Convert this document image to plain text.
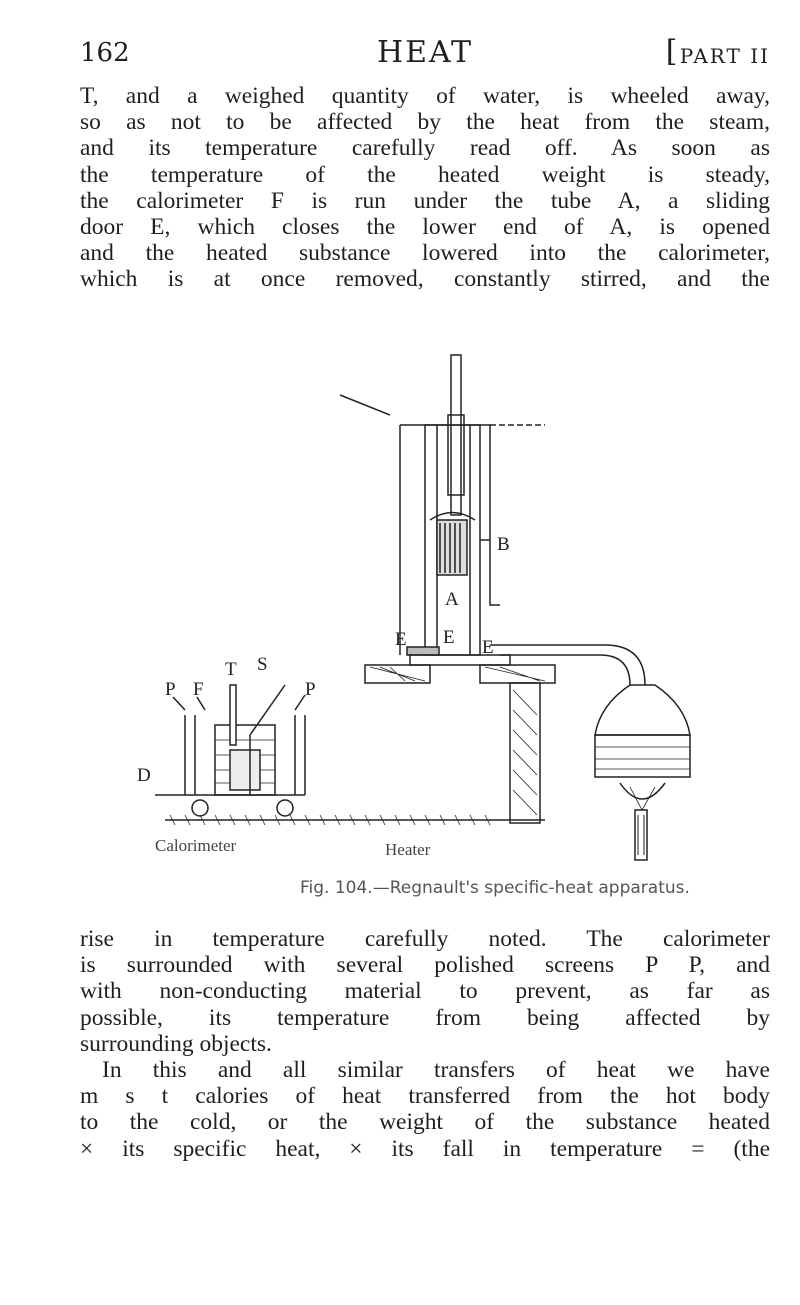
162	HEAT
[	PART II
T, and a weighed quantity of water, is wheeled away,
so as not to be affected by the heat from the steam,
and its temperature carefully read off. As soon as
the temperature of the heated weight is steady,
the calorimeter F is run under the tube A, a sliding
door E, which closes the lower end of A, is opened
and the heated substance lowered into the calorimeter,
which is at once removed, constantly stirred, and the
A
B
E E E
T S
P F	P
D
Calorimeter	Heater
Fig. 104.—Regnault's specific-heat apparatus.
rise in temperature carefully noted. The calorimeter
is surrounded with several polished screens P P, and
with non-conducting material to prevent, as far as
possible, its temperature from being affected by
surrounding objects.
In this and all similar transfers of heat we have
m s t calories of heat transferred from the hot body
to the cold, or the weight of the substance heated
× its specific heat, × its fall in temperature = (the
